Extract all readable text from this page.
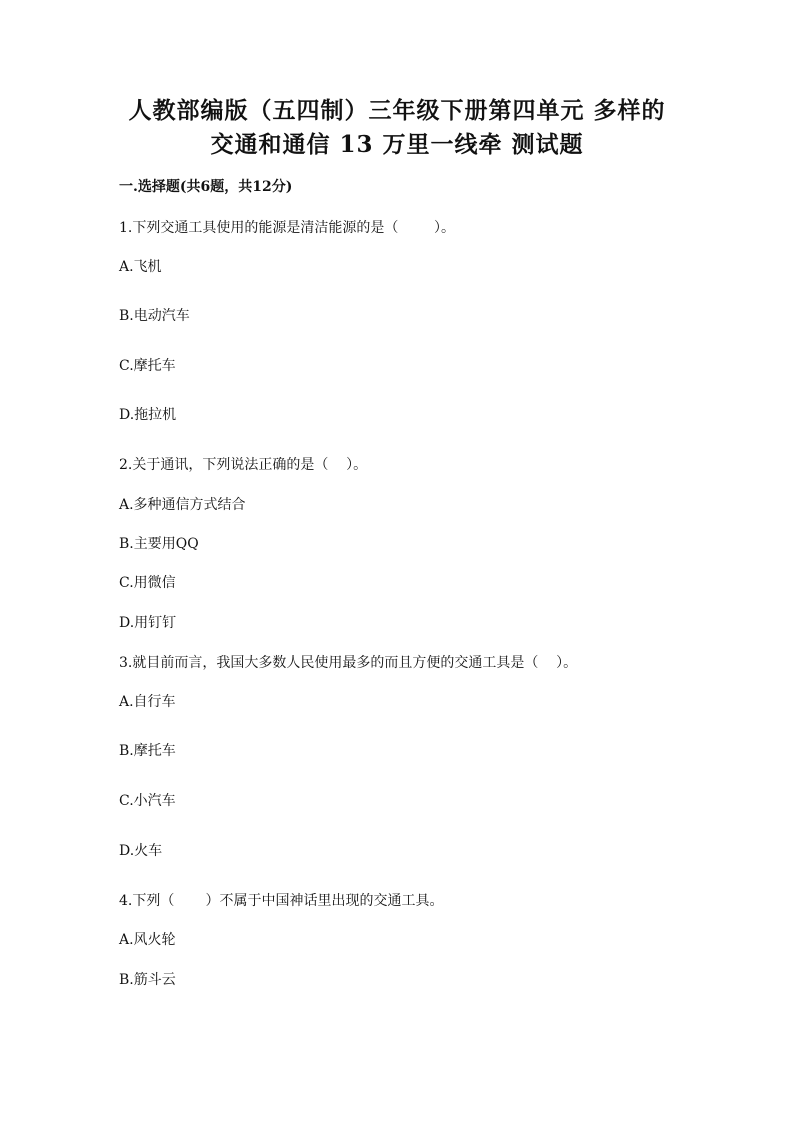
人教部编版（五四制）三年级下册第四单元 多样的
交通和通信 13 万里一线牵 测试题
一.选择题(共6题，共12分)
1.下列交通工具使用的能源是清洁能源的是（        ）。
A.飞机
B.电动汽车
C.摩托车
D.拖拉机
2.关于通讯，下列说法正确的是（    ）。
A.多种通信方式结合
B.主要用QQ
C.用微信
D.用钉钉
3.就目前而言，我国大多数人民使用最多的而且方便的交通工具是（    ）。
A.自行车
B.摩托车
C.小汽车
D.火车
4.下列（       ）不属于中国神话里出现的交通工具。
A.风火轮
B.筋斗云
